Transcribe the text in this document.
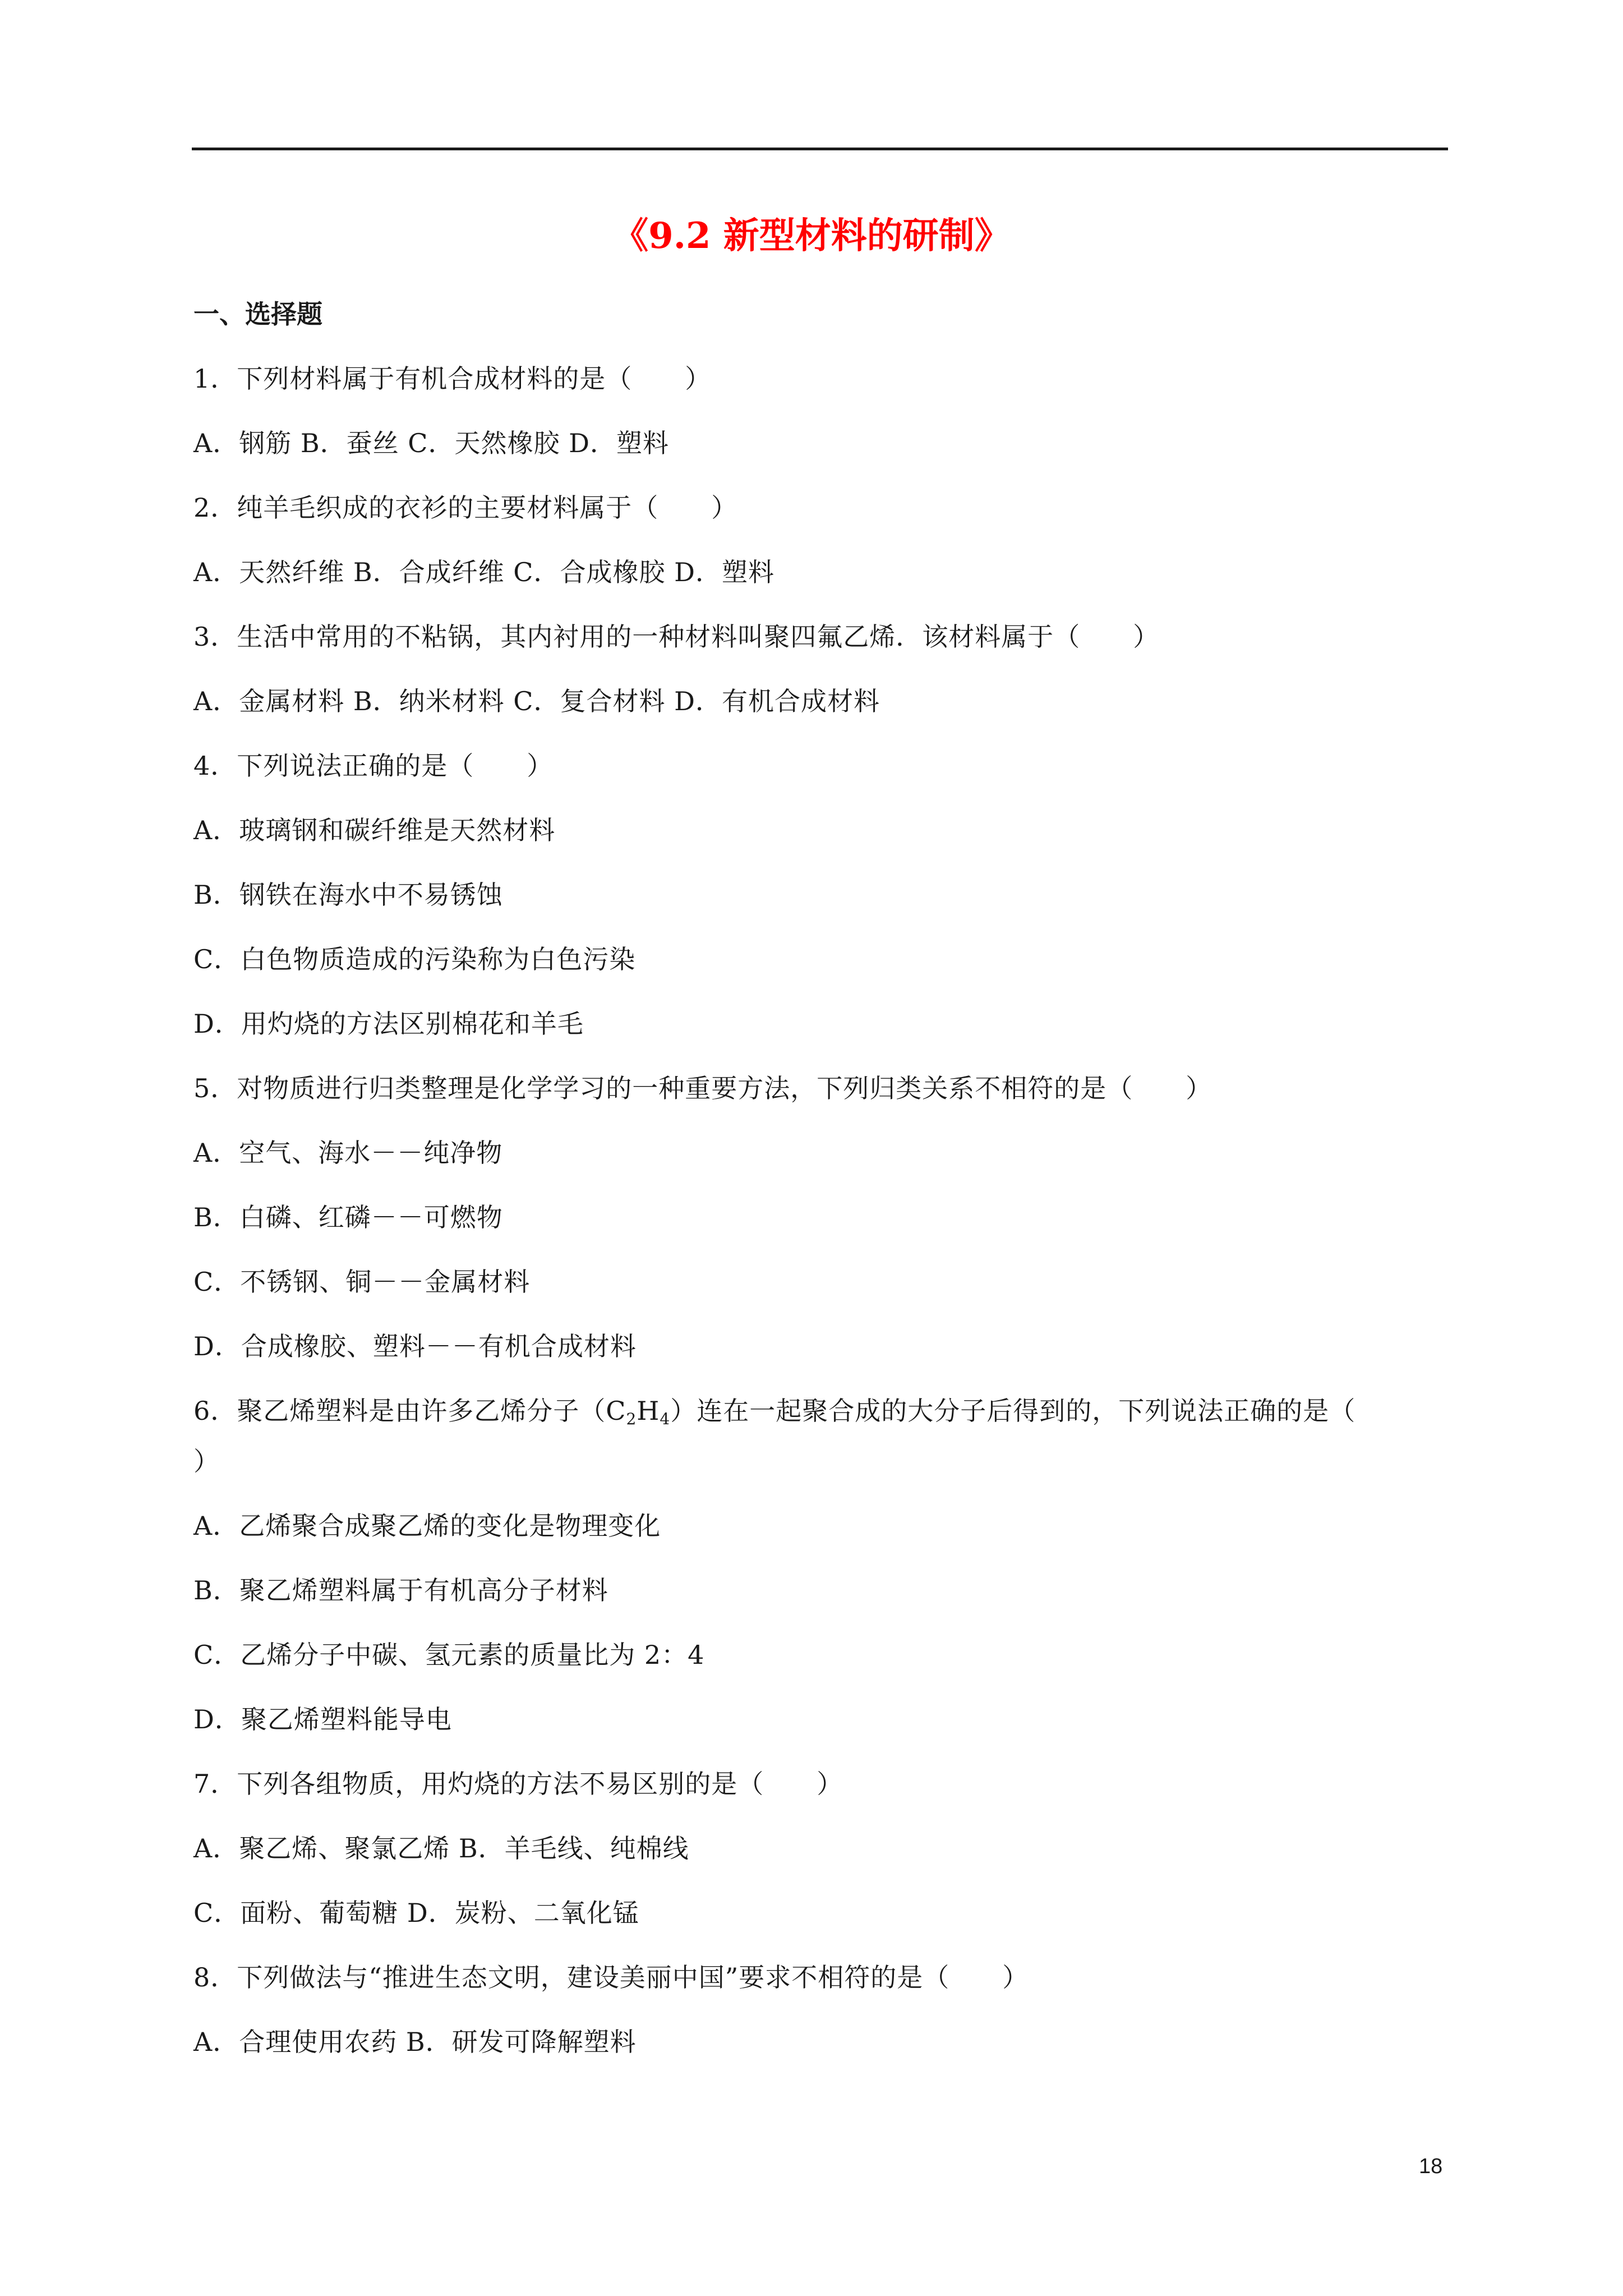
《9.2 新型材料的研制》
一、选择题
1．下列材料属于有机合成材料的是（　　）
A．钢筋 B．蚕丝 C．天然橡胶 D．塑料
2．纯羊毛织成的衣衫的主要材料属于（　　）
A．天然纤维 B．合成纤维 C．合成橡胶 D．塑料
3．生活中常用的不粘锅，其内衬用的一种材料叫聚四氟乙烯．该材料属于（　　）
A．金属材料 B．纳米材料 C．复合材料 D．有机合成材料
4．下列说法正确的是（　　）
A．玻璃钢和碳纤维是天然材料
B．钢铁在海水中不易锈蚀
C．白色物质造成的污染称为白色污染
D．用灼烧的方法区别棉花和羊毛
5．对物质进行归类整理是化学学习的一种重要方法，下列归类关系不相符的是（　　）
A．空气、海水－－纯净物
B．白磷、红磷－－可燃物
C．不锈钢、铜－－金属材料
D．合成橡胶、塑料－－有机合成材料
6．聚乙烯塑料是由许多乙烯分子$(C_2H_4)$连在一起聚合成的大分子后得到的，下列说法正确的是（
）
A．乙烯聚合成聚乙烯的变化是物理变化
B．聚乙烯塑料属于有机高分子材料
C．乙烯分子中碳、氢元素的质量比为 2：4
D．聚乙烯塑料能导电
7．下列各组物质，用灼烧的方法不易区别的是（　　）
A．聚乙烯、聚氯乙烯 B．羊毛线、纯棉线
C．面粉、葡萄糖 D．炭粉、二氧化锰
8．下列做法与“推进生态文明，建设美丽中国”要求不相符的是（　　）
A．合理使用农药 B．研发可降解塑料
18
